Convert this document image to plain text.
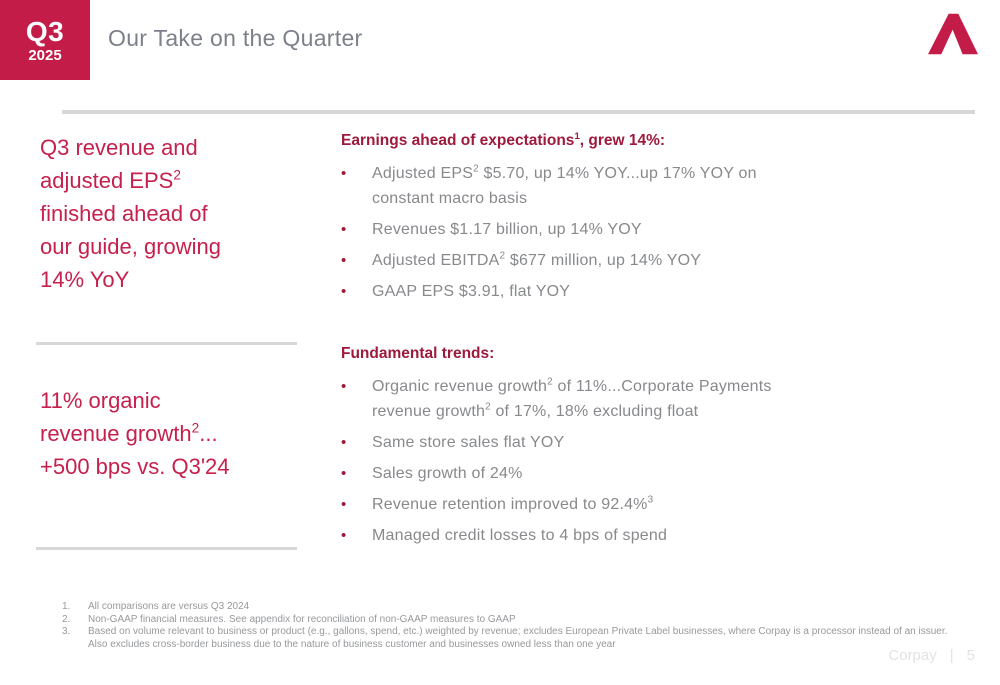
Q3
2025
Our Take on the Quarter
Q3 revenue and
adjusted EPS$^2$
finished ahead of
our guide, growing
14% YoY
11% organic
revenue growth$^2$...
+500 bps vs. Q3'24
Earnings ahead of expectations$^1$, grew 14%:
•	Adjusted EPS$^2$ $5.70, up 14% YOY...up 17% YOY on
constant macro basis
•	Revenues $1.17 billion, up 14% YOY
•	Adjusted EBITDA$^2$ $677 million, up 14% YOY
•	GAAP EPS $3.91, flat YOY
Fundamental trends:
•	Organic revenue growth$^2$ of 11%...Corporate Payments
revenue growth$^2$ of 17%, 18% excluding float
•	Same store sales flat YOY
•	Sales growth of 24%
•	Revenue retention improved to 92.4%$^3$
•	Managed credit losses to 4 bps of spend
1.	All comparisons are versus Q3 2024
2.	Non-GAAP financial measures. See appendix for reconciliation of non-GAAP measures to GAAP
3.	Based on volume relevant to business or product (e.g., gallons, spend, etc.) weighted by revenue; excludes European Private Label businesses, where Corpay is a processor instead of an issuer. Also excludes cross-border business due to the nature of business customer and businesses owned less than one year
Corpay | 5
